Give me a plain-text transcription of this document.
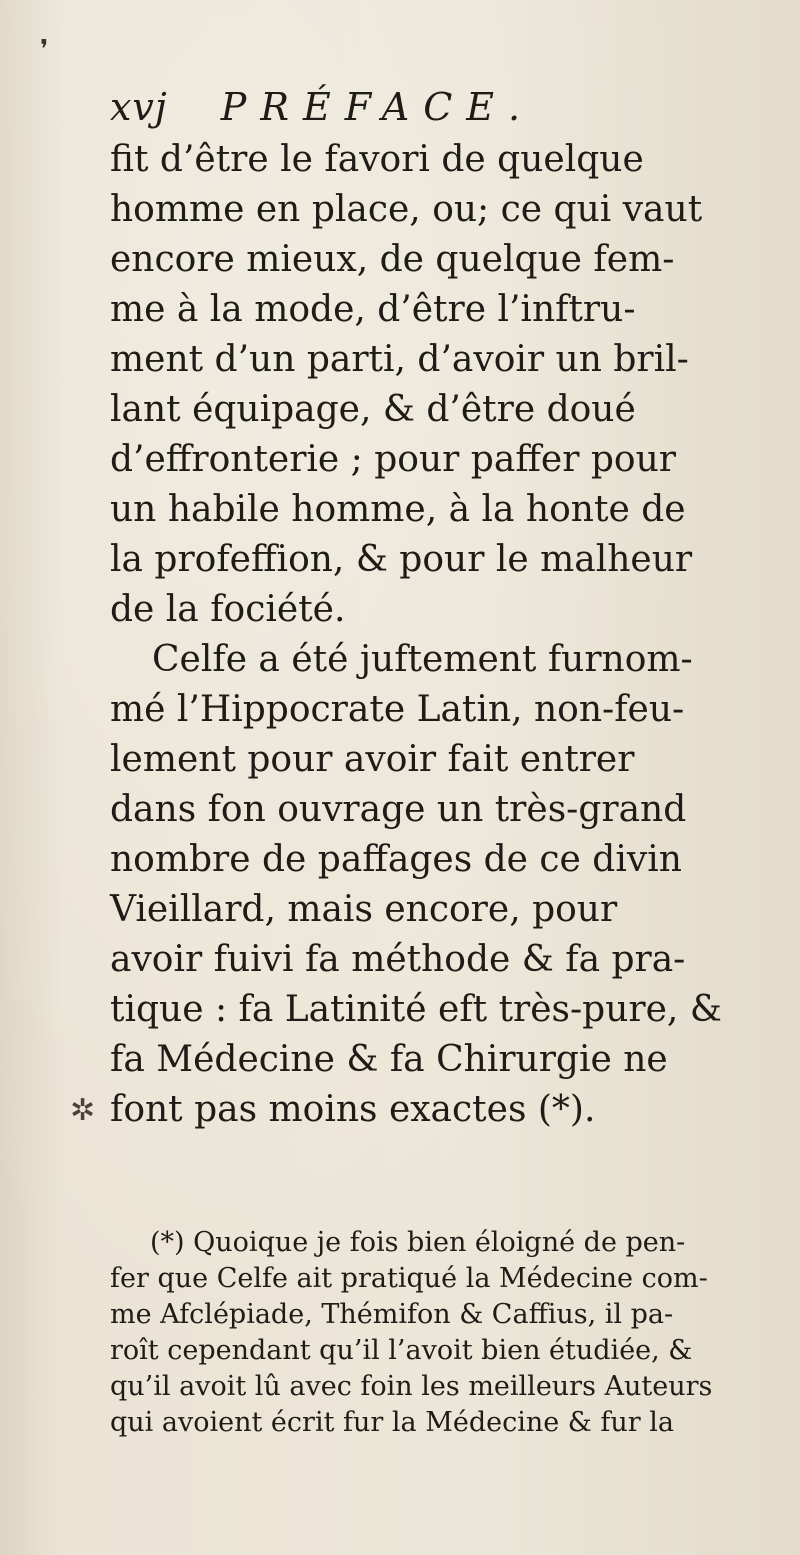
❜
✲
xvj PRÉFACE.
fit d’être le favori de quelque
homme en place, ou; ce qui vaut
encore mieux, de quelque fem-
me à la mode, d’être l’inftru-
ment d’un parti, d’avoir un bril-
lant équipage, & d’être doué
d’effronterie ; pour paffer pour
un habile homme, à la honte de
la profeffion, & pour le malheur
de la fociété.
Celfe a été juftement furnom-
mé l’Hippocrate Latin, non-feu-
lement pour avoir fait entrer
dans fon ouvrage un très-grand
nombre de paffages de ce divin
Vieillard, mais encore, pour
avoir fuivi fa méthode & fa pra-
tique : fa Latinité eft très-pure, &
fa Médecine & fa Chirurgie ne
font pas moins exactes (*).
(*) Quoique je fois bien éloigné de pen-
fer que Celfe ait pratiqué la Médecine com-
me Afclépiade, Thémifon & Caffius, il pa-
roît cependant qu’il l’avoit bien étudiée, &
qu’il avoit lû avec foin les meilleurs Auteurs
qui avoient écrit fur la Médecine & fur la
